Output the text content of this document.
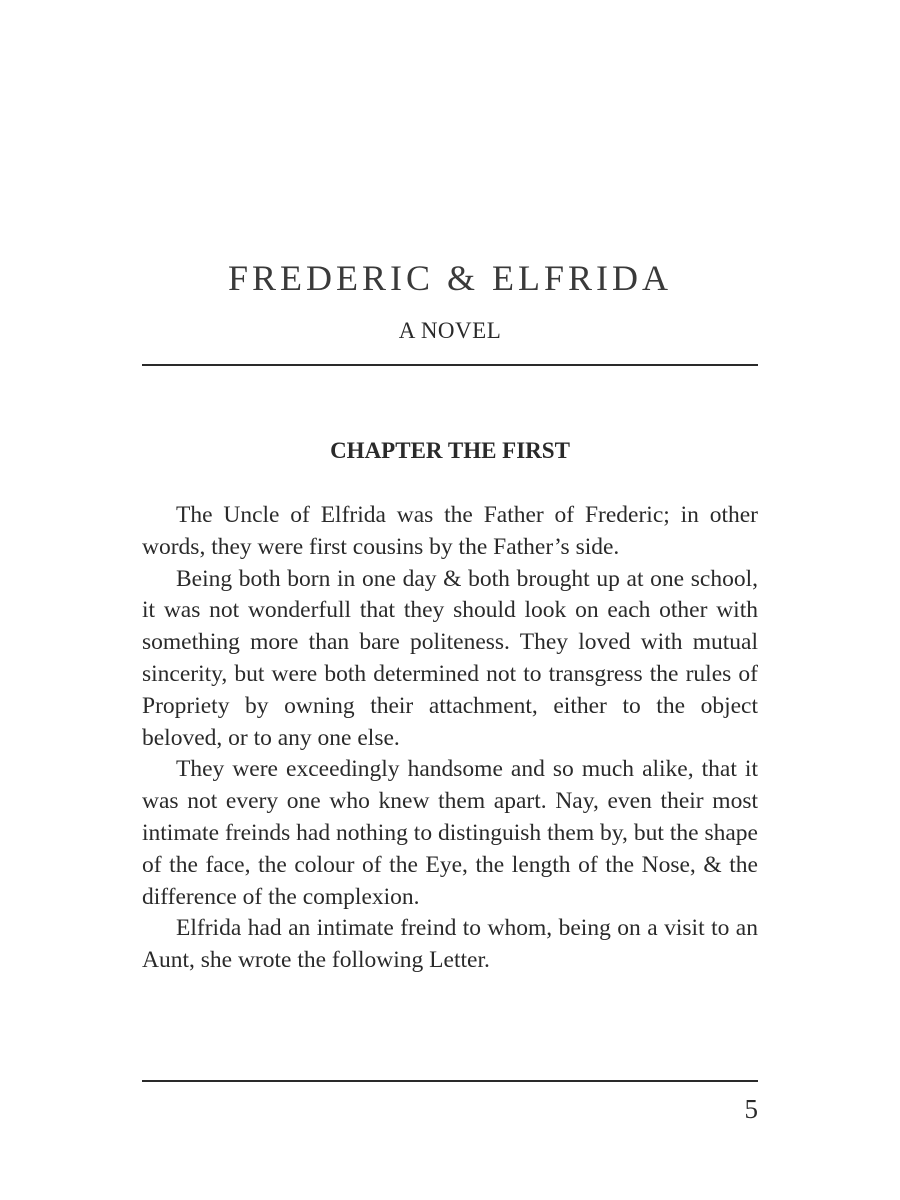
FREDERIC & ELFRIDA
A NOVEL
CHAPTER THE FIRST

The Uncle of Elfrida was the Father of Frederic; in other words, they were first cousins by the Father’s side.

Being both born in one day & both brought up at one school, it was not wonderfull that they should look on each other with something more than bare politeness. They loved with mutual sincerity, but were both determined not to transgress the rules of Propriety by owning their attachment, either to the object beloved, or to any one else.

They were exceedingly handsome and so much alike, that it was not every one who knew them apart. Nay, even their most intimate freinds had nothing to distinguish them by, but the shape of the face, the colour of the Eye, the length of the Nose, & the difference of the complexion.

Elfrida had an intimate freind to whom, being on a visit to an Aunt, she wrote the following Letter.

5
